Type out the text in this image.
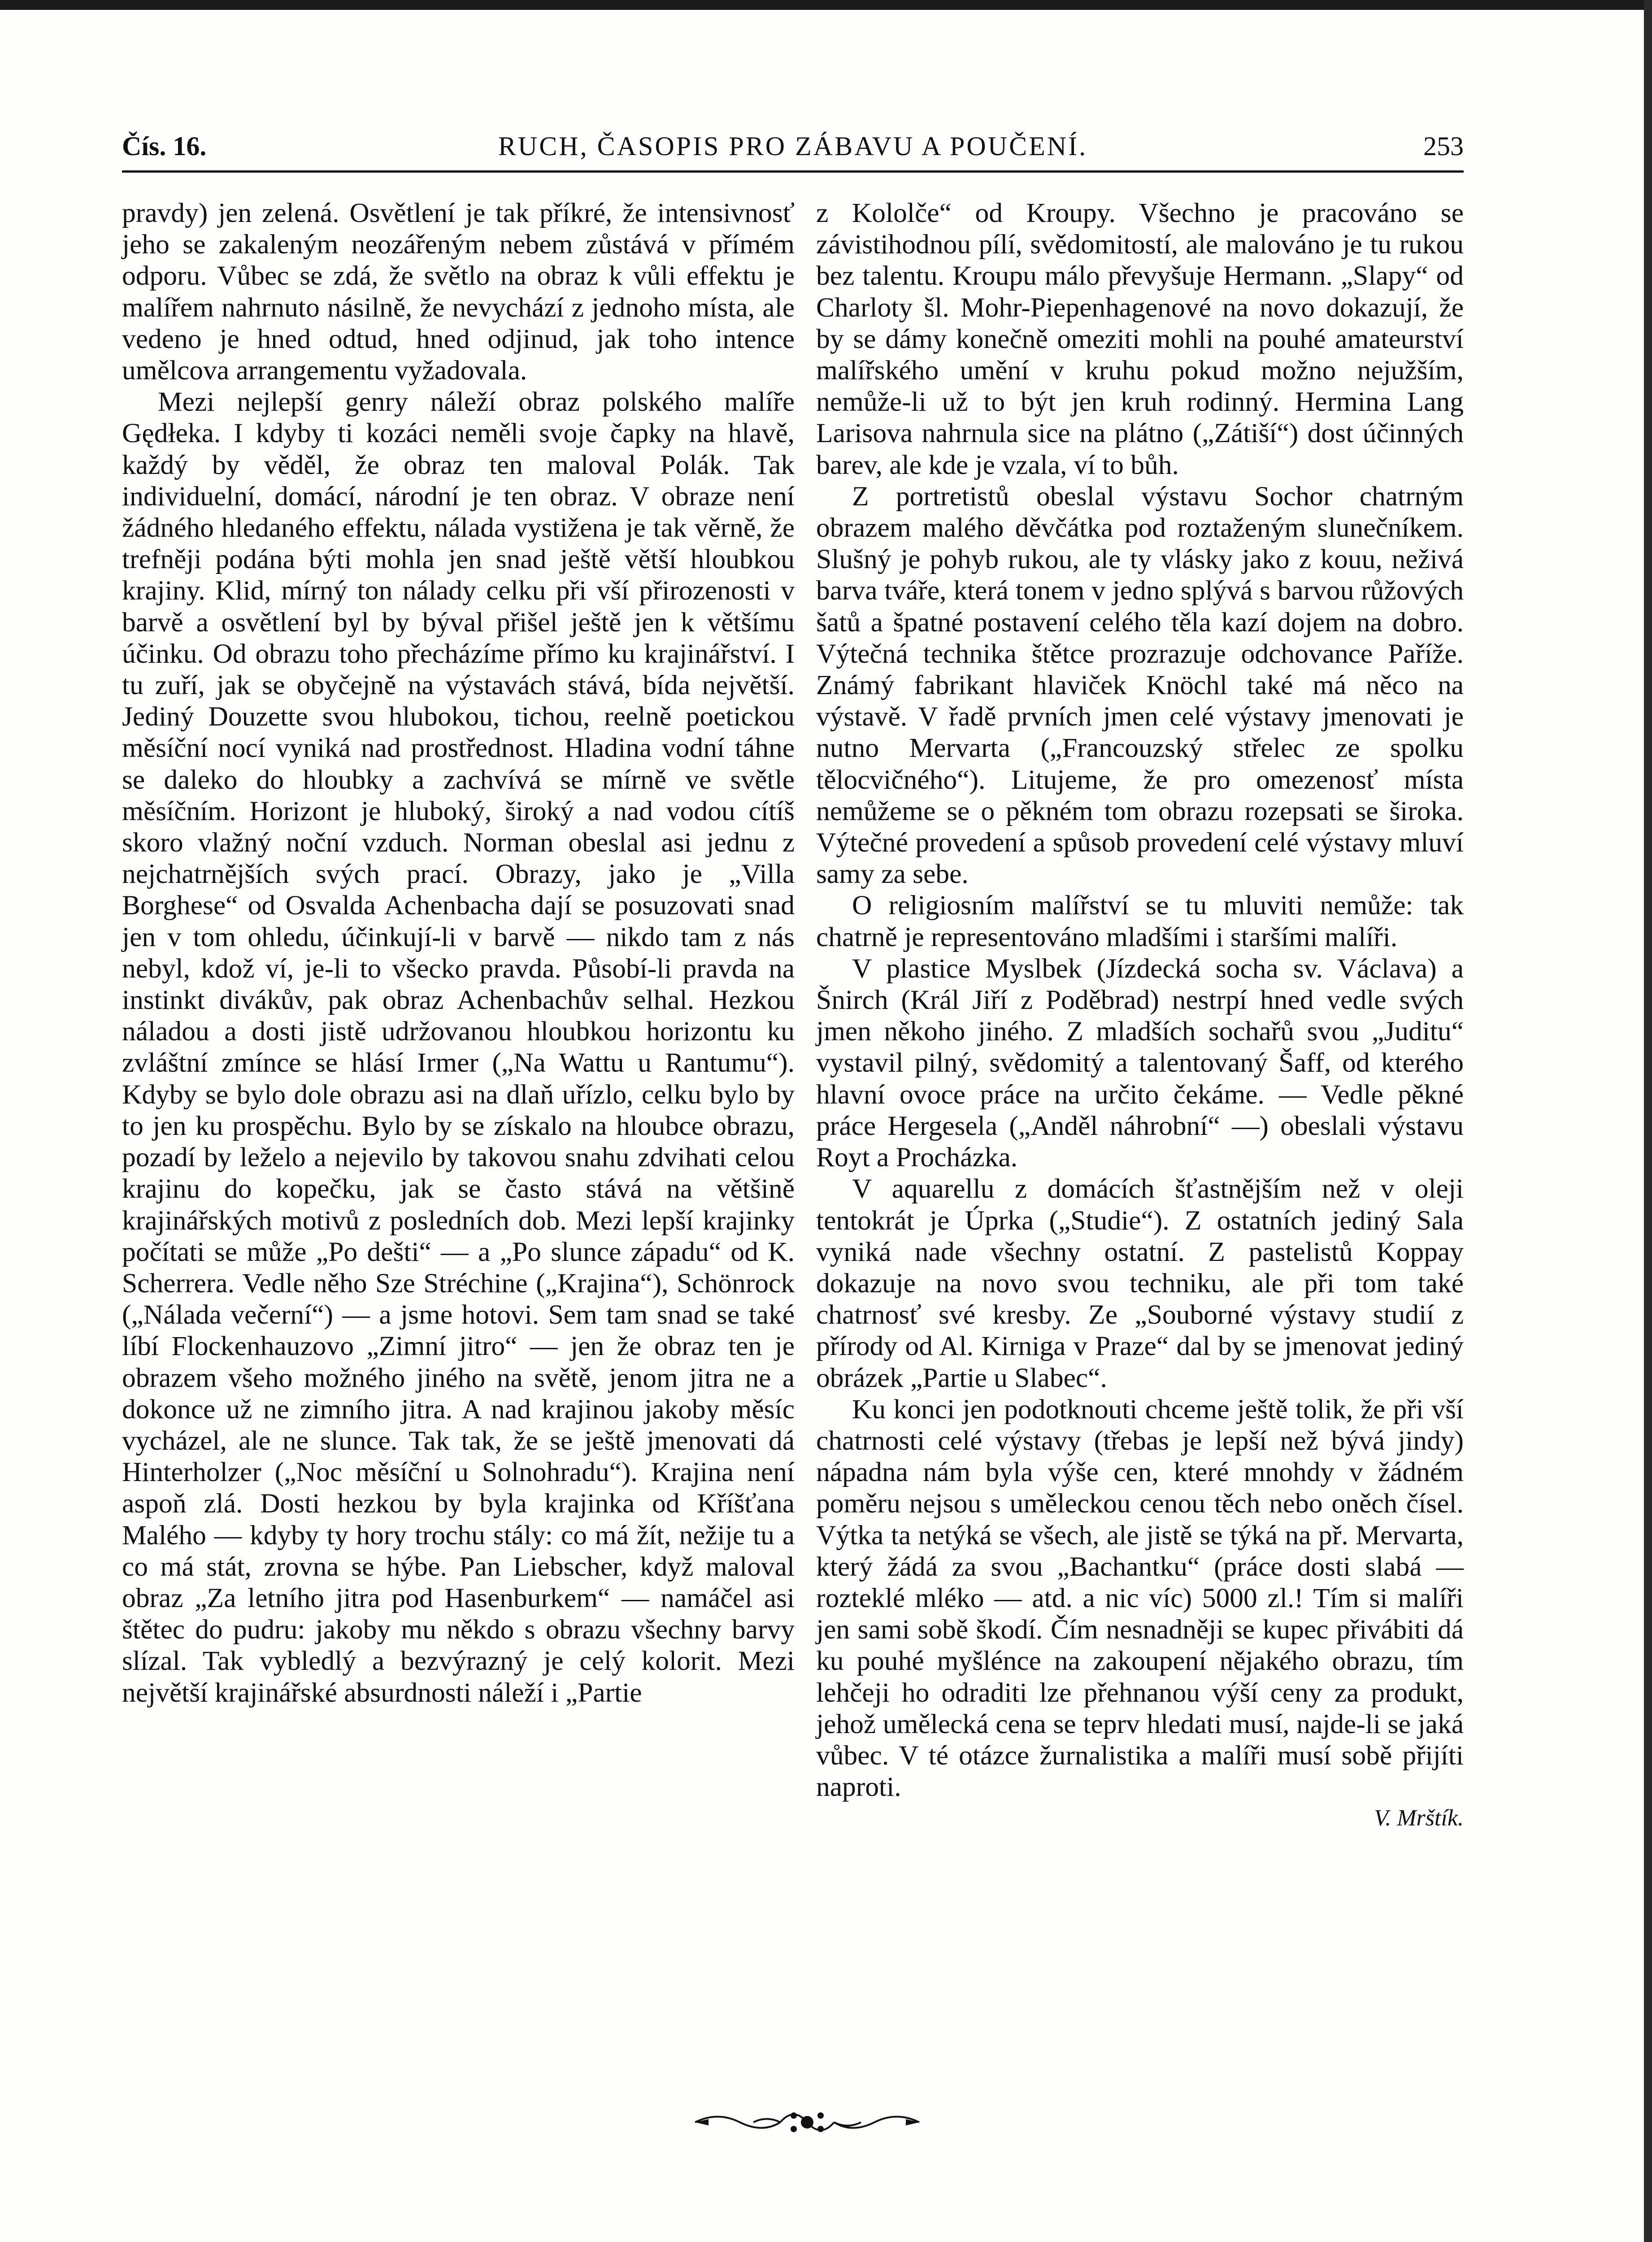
Čís. 16.	RUCH, ČASOPIS PRO ZÁBAVU A POUČENÍ.	253

pravdy) jen zelená. Osvětlení je tak příkré, že intensivnosť jeho se zakaleným neozářeným nebem zůstává v přímém odporu. Vůbec se zdá, že světlo na obraz k vůli effektu je malířem nahrnuto násilně, že nevychází z jednoho místa, ale vedeno je hned odtud, hned odjinud, jak toho intence umělcova arrangementu vyžadovala.

Mezi nejlepší genry náleží obraz polského malíře Gędłeka. I kdyby ti kozáci neměli svoje čapky na hlavě, každý by věděl, že obraz ten maloval Polák. Tak individuelní, domácí, národní je ten obraz. V obraze není žádného hledaného effektu, nálada vystižena je tak věrně, že trefněji podána býti mohla jen snad ještě větší hloubkou krajiny. Klid, mírný ton nálady celku při vší přirozenosti v barvě a osvětlení byl by býval přišel ještě jen k většímu účinku. Od obrazu toho přecházíme přímo ku krajinářství. I tu zuří, jak se obyčejně na výstavách stává, bída největší. Jediný Douzette svou hlubokou, tichou, reelně poetickou měsíční nocí vyniká nad prostřednost. Hladina vodní táhne se daleko do hloubky a zachvívá se mírně ve světle měsíčním. Horizont je hluboký, široký a nad vodou cítíš skoro vlažný noční vzduch. Norman obeslal asi jednu z nejchatrnějších svých prací. Obrazy, jako je „Villa Borghese“ od Osvalda Achenbacha dají se posuzovati snad jen v tom ohledu, účinkují-li v barvě — nikdo tam z nás nebyl, kdož ví, je-li to všecko pravda. Působí-li pravda na instinkt divákův, pak obraz Achenbachův selhal. Hezkou náladou a dosti jistě udržovanou hloubkou horizontu ku zvláštní zmínce se hlásí Irmer („Na Wattu u Rantumu“). Kdyby se bylo dole obrazu asi na dlaň uřízlo, celku bylo by to jen ku prospěchu. Bylo by se získalo na hloubce obrazu, pozadí by leželo a nejevilo by takovou snahu zdvihati celou krajinu do kopečku, jak se často stává na většině krajinářských motivů z posledních dob. Mezi lepší krajinky počítati se může „Po dešti“ — a „Po slunce západu“ od K. Scherrera. Vedle něho Sze Stréchine („Krajina“), Schönrock („Nálada večerní“) — a jsme hotovi. Sem tam snad se také líbí Flockenhauzovo „Zimní jitro“ — jen že obraz ten je obrazem všeho možného jiného na světě, jenom jitra ne a dokonce už ne zimního jitra. A nad krajinou jakoby měsíc vycházel, ale ne slunce. Tak tak, že se ještě jmenovati dá Hinterholzer („Noc měsíční u Solnohradu“). Krajina není aspoň zlá. Dosti hezkou by byla krajinka od Kříšťana Malého — kdyby ty hory trochu stály: co má žít, nežije tu a co má stát, zrovna se hýbe. Pan Liebscher, když maloval obraz „Za letního jitra pod Hasenburkem“ — namáčel asi štětec do pudru: jakoby mu někdo s obrazu všechny barvy slízal. Tak vybledlý a bezvýrazný je celý kolorit. Mezi největší krajinářské absurdnosti náleží i „Partie

z Kololče“ od Kroupy. Všechno je pracováno se závistihodnou pílí, svědomitostí, ale malováno je tu rukou bez talentu. Kroupu málo převyšuje Hermann. „Slapy“ od Charloty šl. Mohr-Piepenhagenové na novo dokazují, že by se dámy konečně omeziti mohli na pouhé amateurství malířského umění v kruhu pokud možno nejužším, nemůže-li už to být jen kruh rodinný. Hermina Lang Larisova nahrnula sice na plátno („Zátiší“) dost účinných barev, ale kde je vzala, ví to bůh.

Z portretistů obeslal výstavu Sochor chatrným obrazem malého děvčátka pod roztaženým slunečníkem. Slušný je pohyb rukou, ale ty vlásky jako z kouu, neživá barva tváře, která tonem v jedno splývá s barvou růžových šatů a špatné postavení celého těla kazí dojem na dobro. Výtečná technika štětce prozrazuje odchovance Paříže. Známý fabrikant hlaviček Knöchl také má něco na výstavě. V řadě prvních jmen celé výstavy jmenovati je nutno Mervarta („Francouzský střelec ze spolku tělocvičného“). Litujeme, že pro omezenosť místa nemůžeme se o pěkném tom obrazu rozepsati se široka. Výtečné provedení a spůsob provedení celé výstavy mluví samy za sebe.

O religiosním malířství se tu mluviti nemůže: tak chatrně je representováno mladšími i staršími malíři.

V plastice Myslbek (Jízdecká socha sv. Václava) a Šnirch (Král Jiří z Poděbrad) nestrpí hned vedle svých jmen někoho jiného. Z mladších sochařů svou „Juditu“ vystavil pilný, svědomitý a talentovaný Šaff, od kterého hlavní ovoce práce na určito čekáme. — Vedle pěkné práce Hergesela („Anděl náhrobní“ —) obeslali výstavu Royt a Procházka.

V aquarellu z domácích šťastnějším než v oleji tentokrát je Úprka („Studie“). Z ostatních jediný Sala vyniká nade všechny ostatní. Z pastelistů Koppay dokazuje na novo svou techniku, ale při tom také chatrnosť své kresby. Ze „Souborné výstavy studií z přírody od Al. Kirniga v Praze“ dal by se jmenovat jediný obrázek „Partie u Slabec“.

Ku konci jen podotknouti chceme ještě tolik, že při vší chatrnosti celé výstavy (třebas je lepší než bývá jindy) nápadna nám byla výše cen, které mnohdy v žádném poměru nejsou s uměleckou cenou těch nebo oněch čísel. Výtka ta netýká se všech, ale jistě se týká na př. Mervarta, který žádá za svou „Bachantku“ (práce dosti slabá — rozteklé mléko — atd. a nic víc) 5000 zl.! Tím si malíři jen sami sobě škodí. Čím nesnadněji se kupec přivábiti dá ku pouhé myšlénce na zakoupení nějakého obrazu, tím lehčeji ho odraditi lze přehnanou výší ceny za produkt, jehož umělecká cena se teprv hledati musí, najde-li se jaká vůbec. V té otázce žurnalistika a malíři musí sobě přijíti naproti.

V. Mrštík.
